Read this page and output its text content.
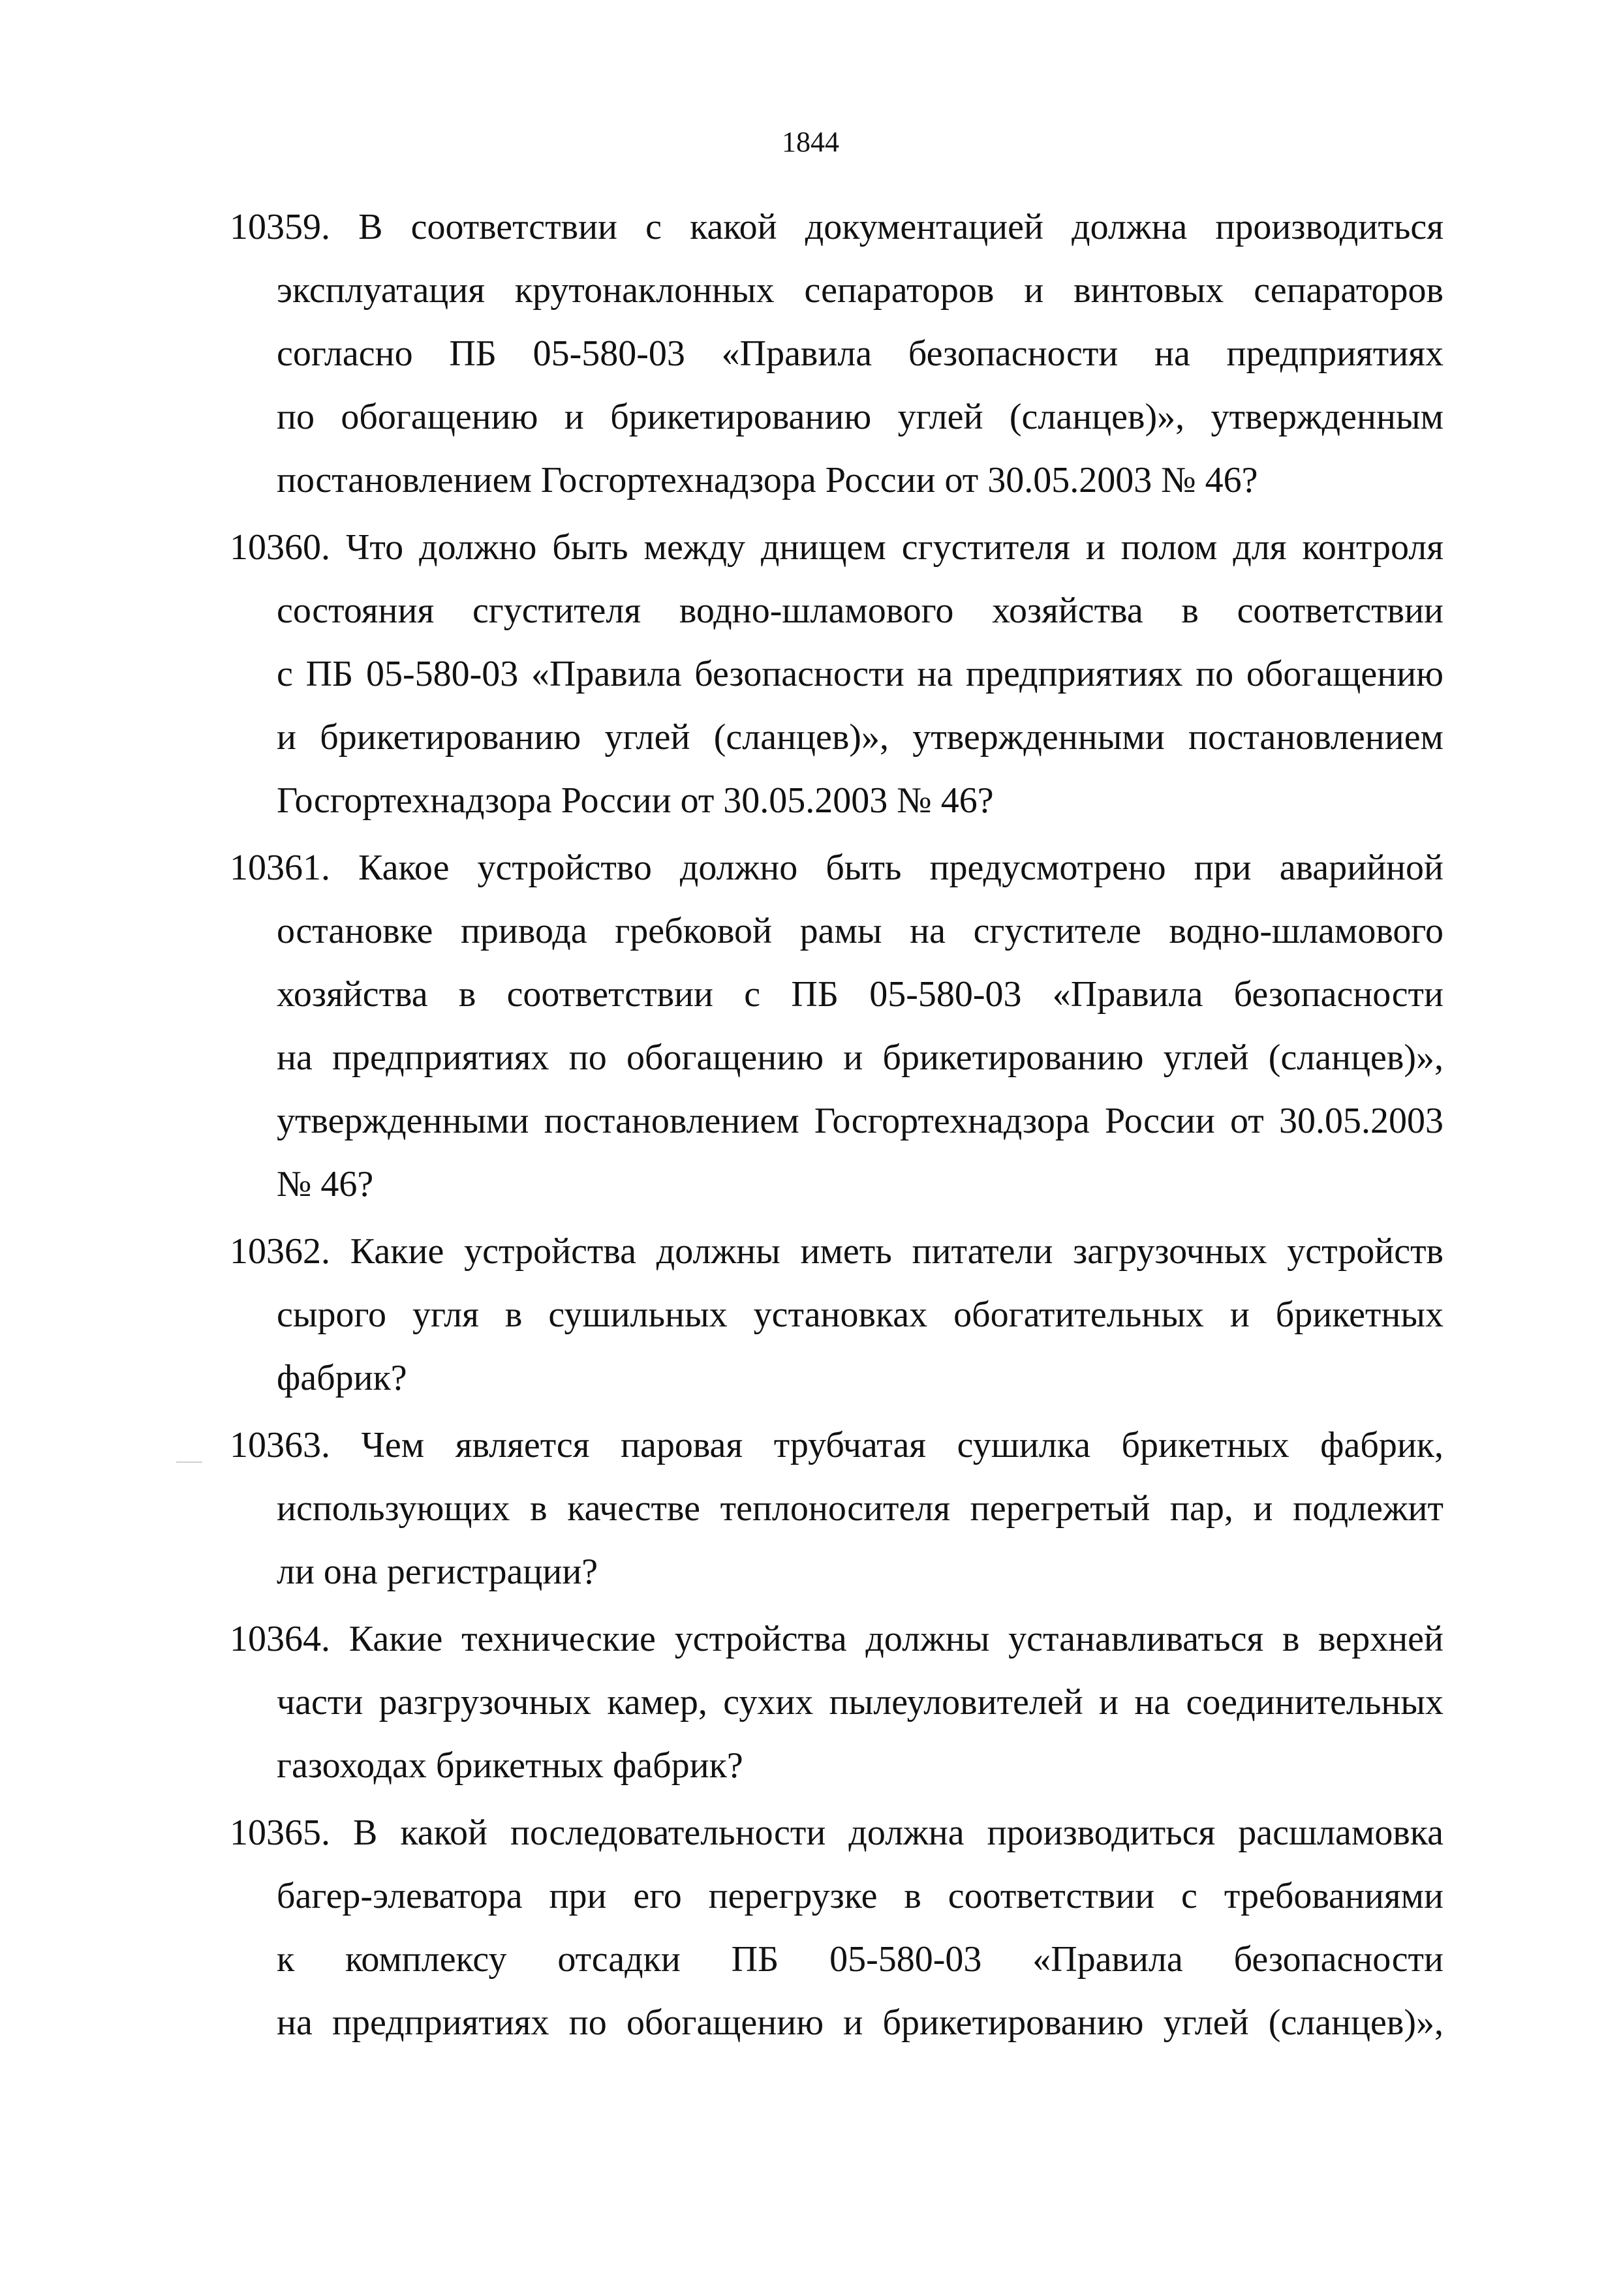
1844
10359. В соответствии с какой документацией должна производиться
эксплуатация крутонаклонных сепараторов и винтовых сепараторов
согласно ПБ 05-580-03 «Правила безопасности на предприятиях
по обогащению и брикетированию углей (сланцев)», утвержденным
постановлением Госгортехнадзора России от 30.05.2003 № 46?
10360. Что должно быть между днищем сгустителя и полом для контроля
состояния сгустителя водно-шламового хозяйства в соответствии
с ПБ 05-580-03 «Правила безопасности на предприятиях по обогащению
и брикетированию углей (сланцев)», утвержденными постановлением
Госгортехнадзора России от 30.05.2003 № 46?
10361. Какое устройство должно быть предусмотрено при аварийной
остановке привода гребковой рамы на сгустителе водно-шламового
хозяйства в соответствии с ПБ 05-580-03 «Правила безопасности
на предприятиях по обогащению и брикетированию углей (сланцев)»,
утвержденными постановлением Госгортехнадзора России от 30.05.2003
№ 46?
10362. Какие устройства должны иметь питатели загрузочных устройств
сырого угля в сушильных установках обогатительных и брикетных
фабрик?
10363. Чем является паровая трубчатая сушилка брикетных фабрик,
использующих в качестве теплоносителя перегретый пар, и подлежит
ли она регистрации?
10364. Какие технические устройства должны устанавливаться в верхней
части разгрузочных камер, сухих пылеуловителей и на соединительных
газоходах брикетных фабрик?
10365. В какой последовательности должна производиться расшламовка
багер-элеватора при его перегрузке в соответствии с требованиями
к комплексу отсадки ПБ 05-580-03 «Правила безопасности
на предприятиях по обогащению и брикетированию углей (сланцев)»,
